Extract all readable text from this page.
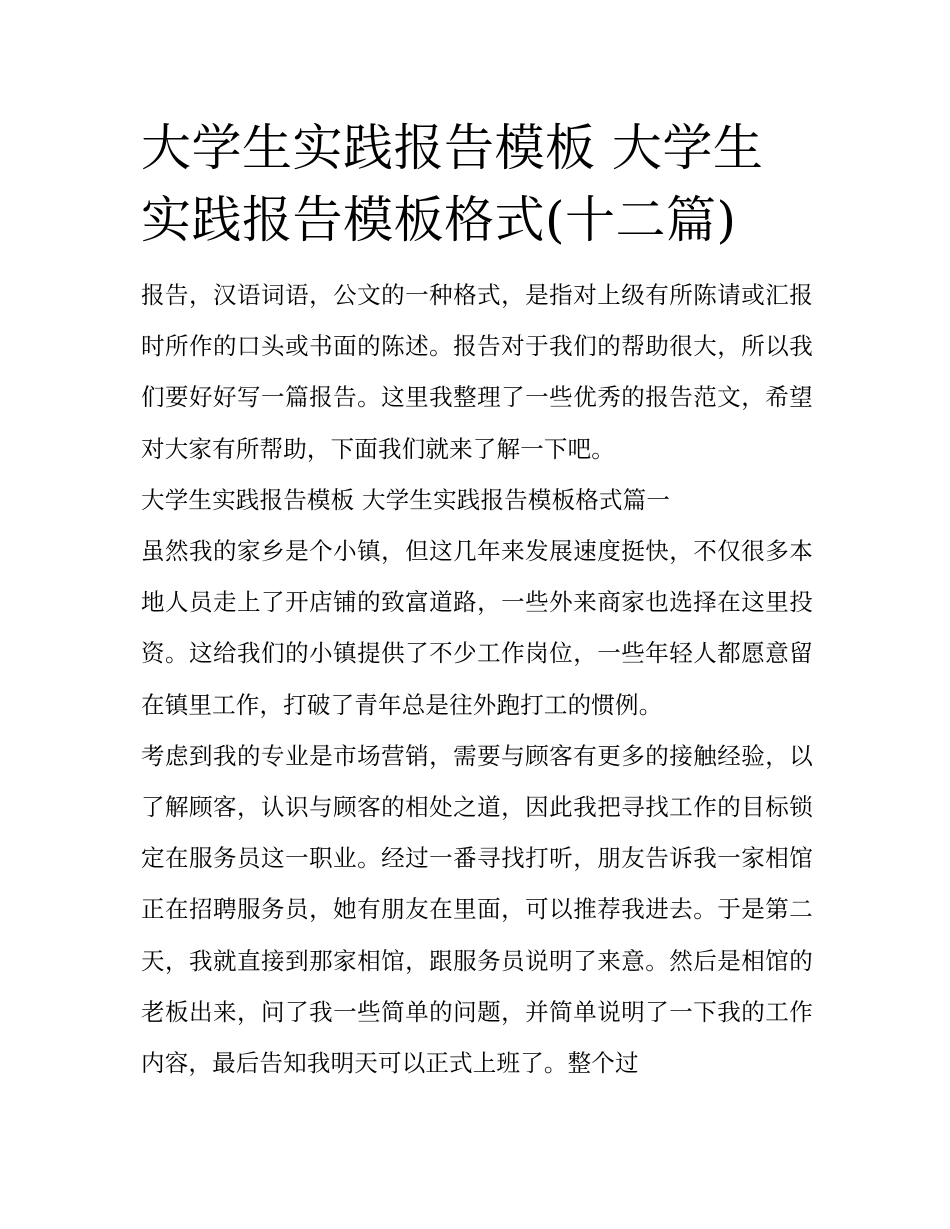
大学生实践报告模板 大学生实践报告模板格式(十二篇)

报告，汉语词语，公文的一种格式，是指对上级有所陈请或汇报时所作的口头或书面的陈述。报告对于我们的帮助很大，所以我们要好好写一篇报告。这里我整理了一些优秀的报告范文，希望对大家有所帮助，下面我们就来了解一下吧。

大学生实践报告模板 大学生实践报告模板格式篇一

虽然我的家乡是个小镇，但这几年来发展速度挺快，不仅很多本地人员走上了开店铺的致富道路，一些外来商家也选择在这里投资。这给我们的小镇提供了不少工作岗位，一些年轻人都愿意留在镇里工作，打破了青年总是往外跑打工的惯例。

考虑到我的专业是市场营销，需要与顾客有更多的接触经验，以了解顾客，认识与顾客的相处之道，因此我把寻找工作的目标锁定在服务员这一职业。经过一番寻找打听，朋友告诉我一家相馆正在招聘服务员，她有朋友在里面，可以推荐我进去。于是第二天，我就直接到那家相馆，跟服务员说明了来意。然后是相馆的老板出来，问了我一些简单的问题，并简单说明了一下我的工作内容，最后告知我明天可以正式上班了。整个过
